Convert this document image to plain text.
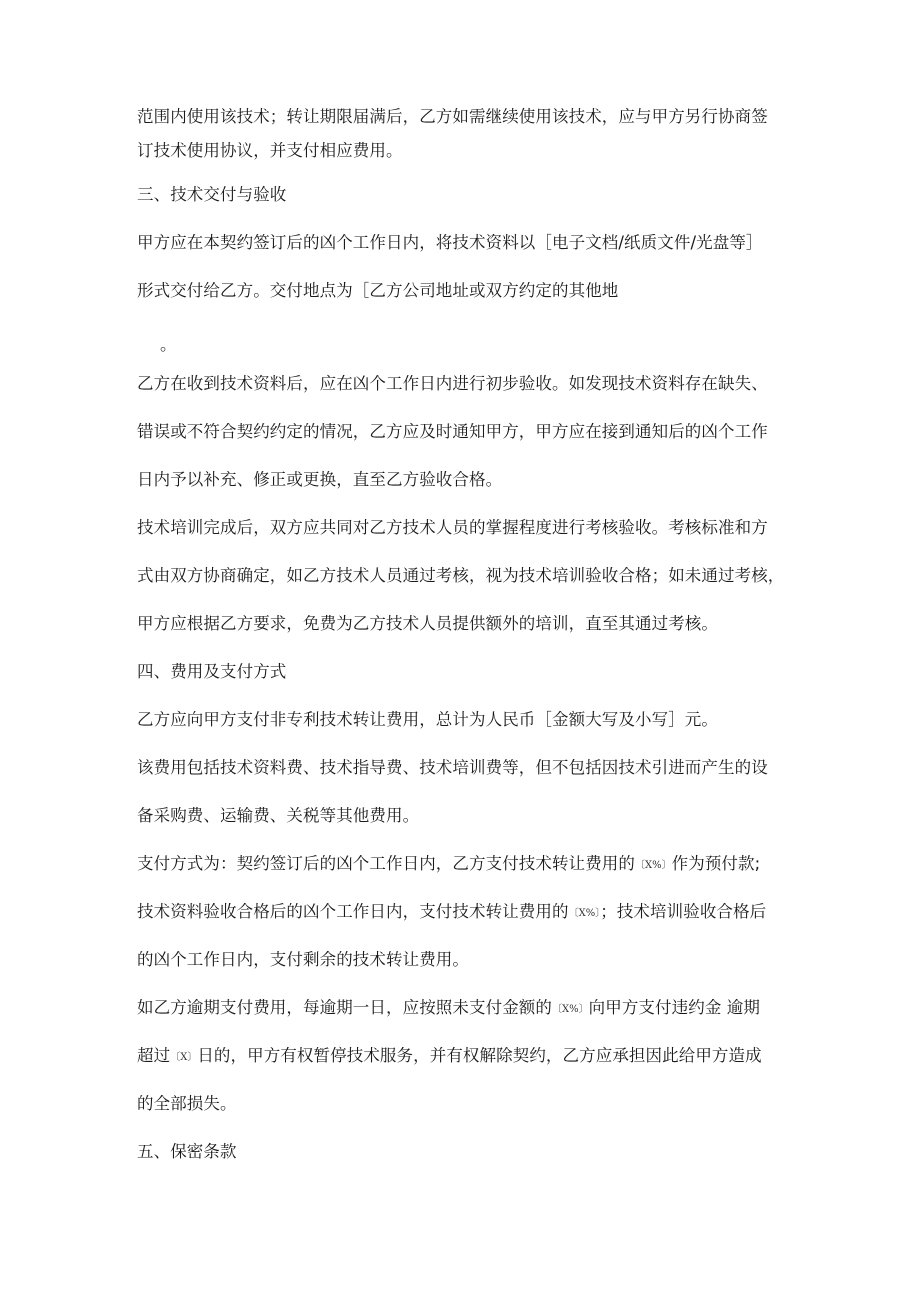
范围内使用该技术；转让期限届满后，乙方如需继续使用该技术，应与甲方另行协商签
订技术使用协议，并支付相应费用。
三、技术交付与验收
甲方应在本契约签订后的凶个工作日内，将技术资料以［电子文档/纸质文件/光盘等］
形式交付给乙方。交付地点为［乙方公司地址或双方约定的其他地
。
乙方在收到技术资料后，应在凶个工作日内进行初步验收。如发现技术资料存在缺失、
错误或不符合契约约定的情况，乙方应及时通知甲方，甲方应在接到通知后的凶个工作
日内予以补充、修正或更换，直至乙方验收合格。
技术培训完成后，双方应共同对乙方技术人员的掌握程度进行考核验收。考核标准和方
式由双方协商确定，如乙方技术人员通过考核，视为技术培训验收合格；如未通过考核，
甲方应根据乙方要求，免费为乙方技术人员提供额外的培训，直至其通过考核。
四、费用及支付方式
乙方应向甲方支付非专利技术转让费用，总计为人民币［金额大写及小写］元。
该费用包括技术资料费、技术指导费、技术培训费等，但不包括因技术引进而产生的设
备采购费、运输费、关税等其他费用。
支付方式为：契约签订后的凶个工作日内，乙方支付技术转让费用的〔X%〕作为预付款;
技术资料验收合格后的凶个工作日内，支付技术转让费用的〔X%〕；技术培训验收合格后
的凶个工作日内，支付剩余的技术转让费用。
如乙方逾期支付费用，每逾期一日，应按照未支付金额的〔X%〕向甲方支付违约金 逾期
超过〔X〕日的，甲方有权暂停技术服务，并有权解除契约，乙方应承担因此给甲方造成
的全部损失。
五、保密条款
